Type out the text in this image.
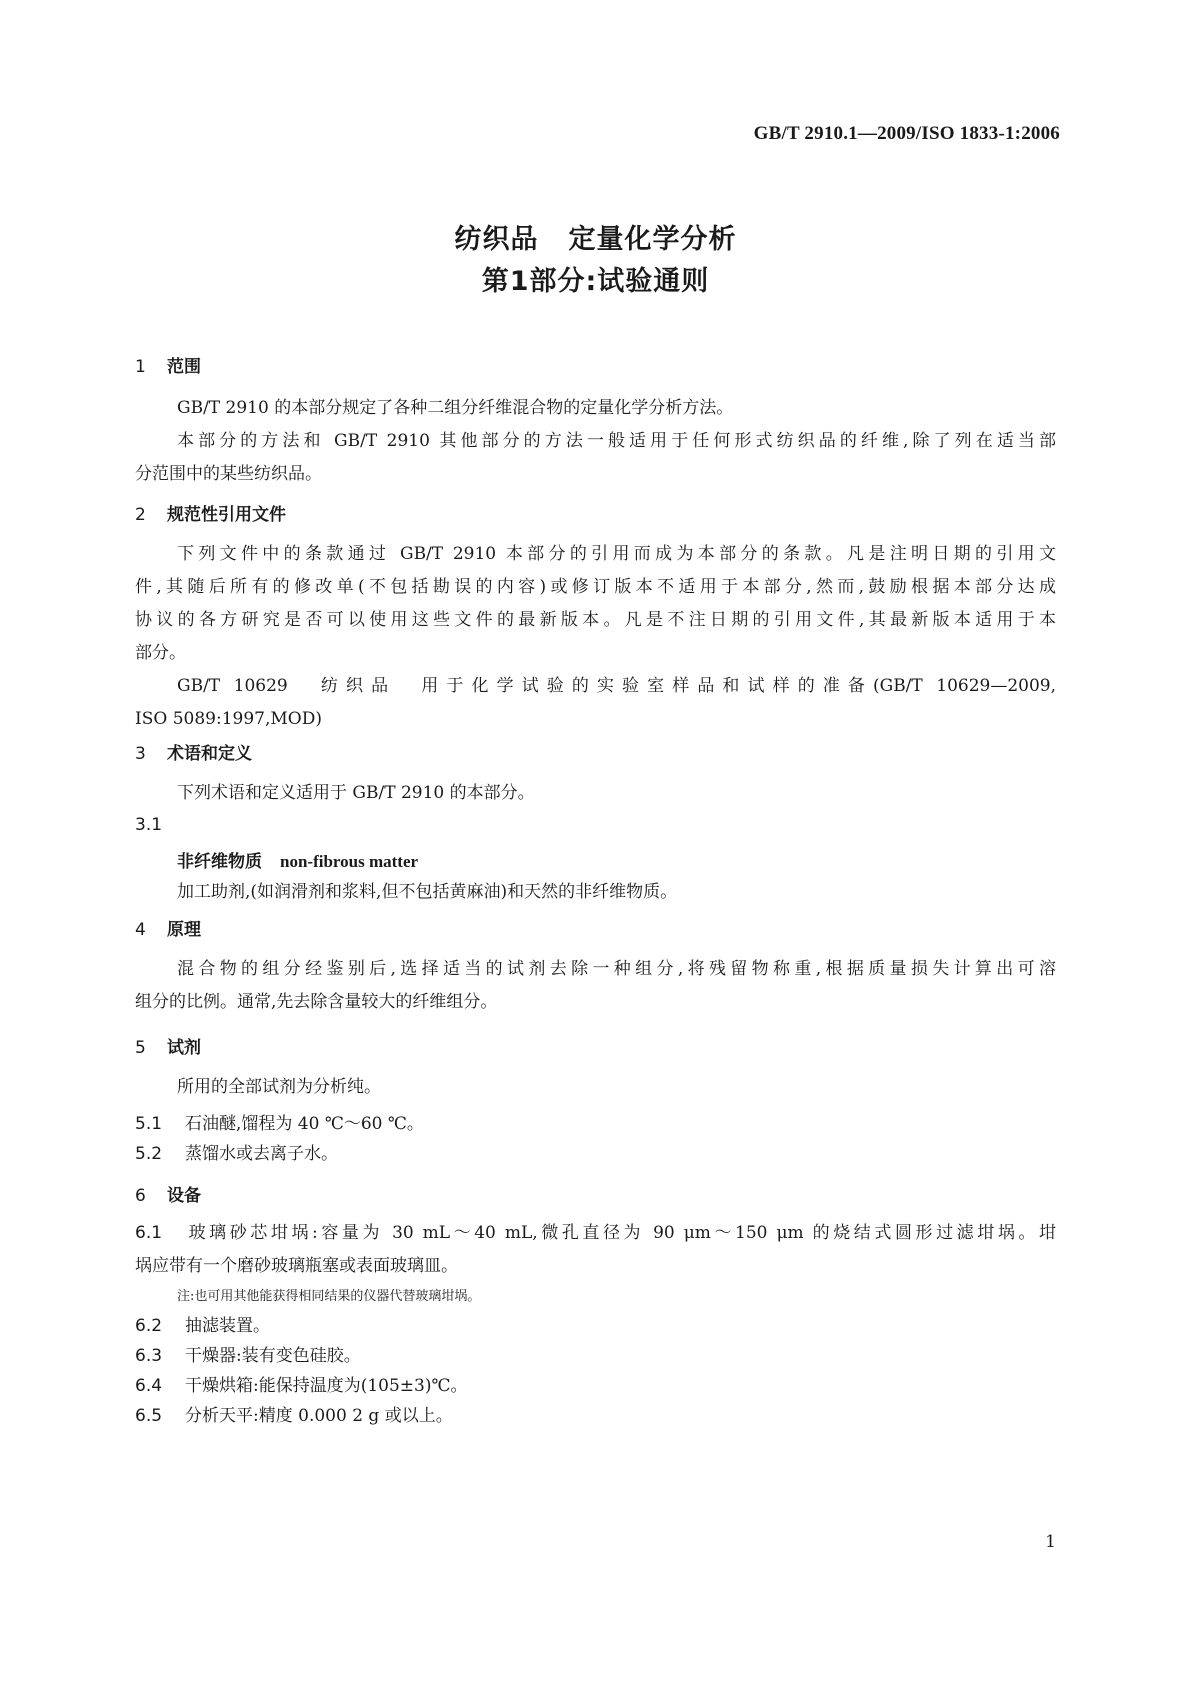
GB/T 2910.1—2009/ISO 1833-1:2006
纺织品 定量化学分析
第1部分:试验通则
1 范围
GB/T 2910 的本部分规定了各种二组分纤维混合物的定量化学分析方法。
本部分的方法和 GB/T 2910 其他部分的方法一般适用于任何形式纺织品的纤维,除了列在适当部
分范围中的某些纺织品。
2 规范性引用文件
下列文件中的条款通过 GB/T 2910 本部分的引用而成为本部分的条款。凡是注明日期的引用文
件,其随后所有的修改单(不包括勘误的内容)或修订版本不适用于本部分,然而,鼓励根据本部分达成
协议的各方研究是否可以使用这些文件的最新版本。凡是不注日期的引用文件,其最新版本适用于本
部分。
GB/T 10629　纺织品　用于化学试验的实验室样品和试样的准备(GB/T 10629—2009,
ISO 5089:1997,MOD)
3 术语和定义
下列术语和定义适用于 GB/T 2910 的本部分。
3.1
非纤维物质 non-fibrous matter
加工助剂,(如润滑剂和浆料,但不包括黄麻油)和天然的非纤维物质。
4 原理
混合物的组分经鉴别后,选择适当的试剂去除一种组分,将残留物称重,根据质量损失计算出可溶
组分的比例。通常,先去除含量较大的纤维组分。
5 试剂
所用的全部试剂为分析纯。
5.1 石油醚,馏程为 40 ℃～60 ℃。
5.2 蒸馏水或去离子水。
6 设备
6.1 玻璃砂芯坩埚:容量为 30 mL～40 mL,微孔直径为 90 μm～150 μm 的烧结式圆形过滤坩埚。坩
埚应带有一个磨砂玻璃瓶塞或表面玻璃皿。
注:也可用其他能获得相同结果的仪器代替玻璃坩埚。
6.2 抽滤装置。
6.3 干燥器:装有变色硅胶。
6.4 干燥烘箱:能保持温度为(105±3)℃。
6.5 分析天平:精度 0.000 2 g 或以上。
1
